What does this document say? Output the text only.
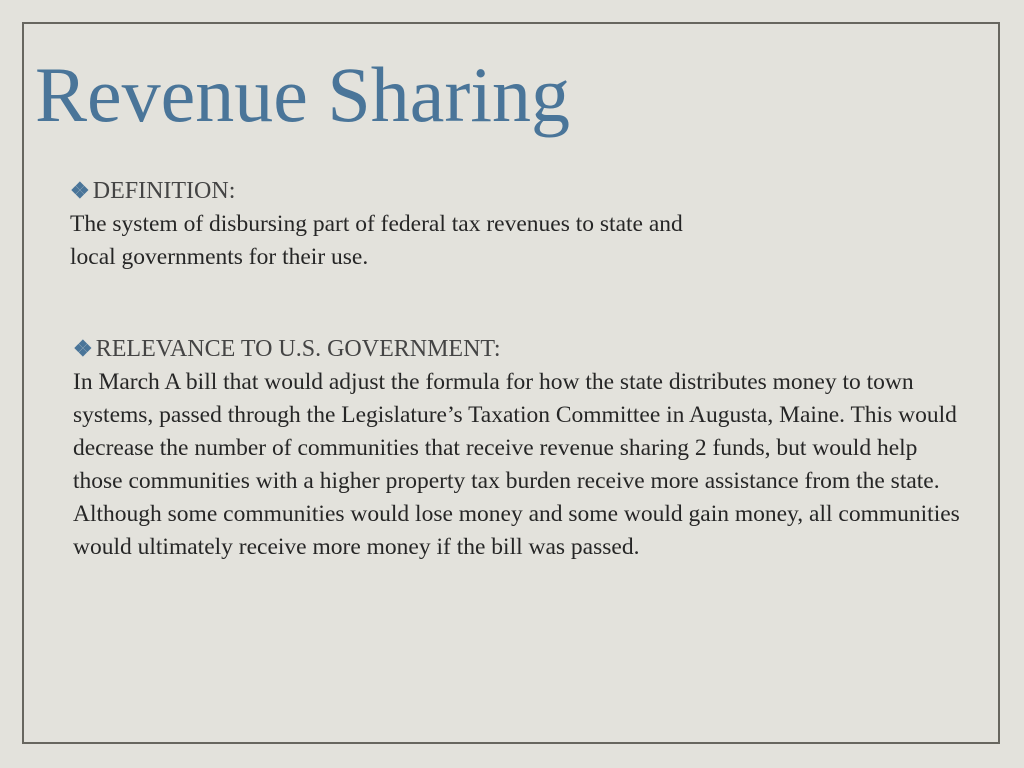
Revenue Sharing
❖ DEFINITION:

The system of disbursing part of federal tax revenues to state and local governments for their use.

❖ RELEVANCE TO U.S. GOVERNMENT:

In March A bill that would adjust the formula for how the state distributes money to town systems, passed through the Legislature’s Taxation Committee in Augusta, Maine. This would decrease the number of communities that receive revenue sharing 2 funds, but would help those communities with a higher property tax burden receive more assistance from the state. Although some communities would lose money and some would gain money, all communities would ultimately receive more money if the bill was passed.
